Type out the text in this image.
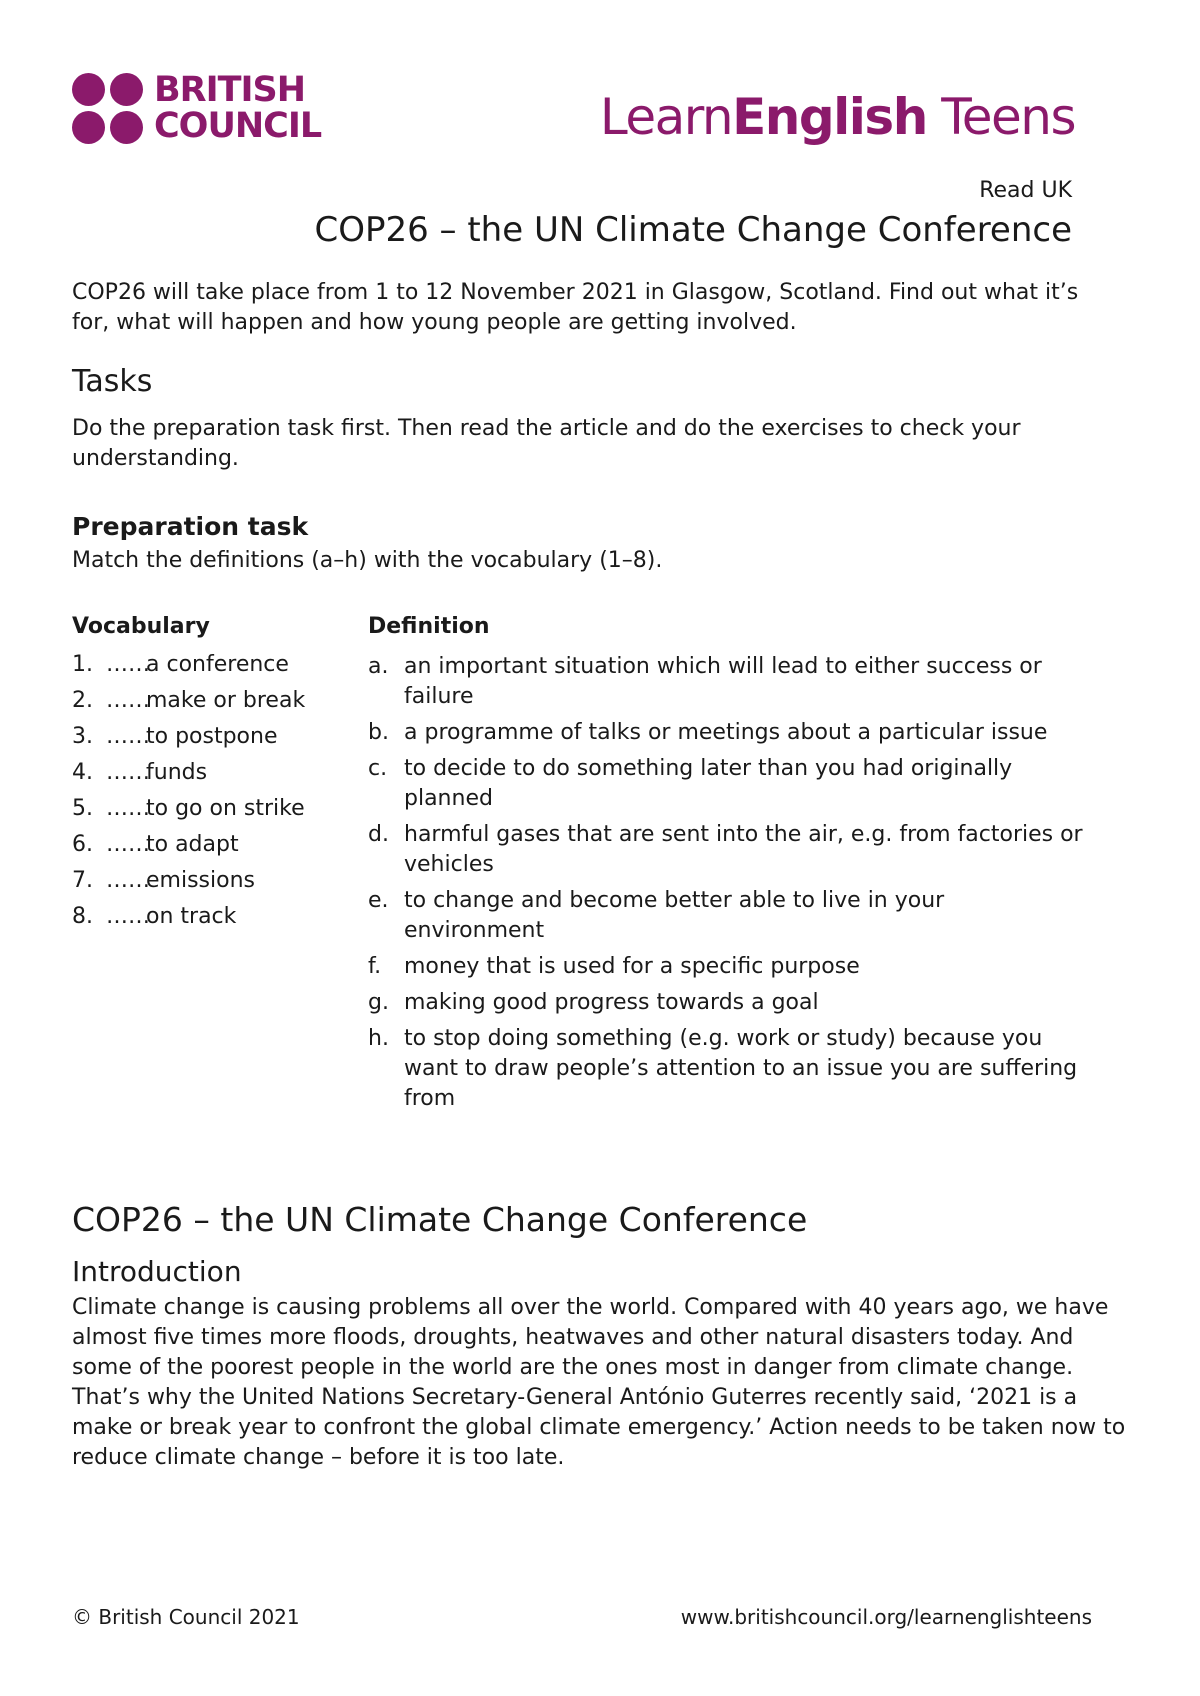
BRITISH
COUNCIL	LearnEnglish Teens
Read UK
COP26 – the UN Climate Change Conference
COP26 will take place from 1 to 12 November 2021 in Glasgow, Scotland. Find out what it’s for, what will happen and how young people are getting involved.
Tasks
Do the preparation task first. Then read the article and do the exercises to check your understanding.
Preparation task
Match the definitions (a–h) with the vocabulary (1–8).
Vocabulary	Definition
1. ……
a conference
2. ……
make or break
3. ……
to postpone
4. ……
funds
5. ……
to go on strike
6. ……
to adapt
7. ……
emissions
8. ……
on track
a. an important situation which will lead to either success or failure
b. a programme of talks or meetings about a particular issue
c. to decide to do something later than you had originally planned
d. harmful gases that are sent into the air, e.g. from factories or vehicles
e. to change and become better able to live in your environment
f.	money that is used for a specific purpose
g. making good progress towards a goal
h. to stop doing something (e.g. work or study) because you want to draw people’s attention to an issue you are suffering from
COP26 – the UN Climate Change Conference
Introduction
Climate change is causing problems all over the world. Compared with 40 years ago, we have almost five times more floods, droughts, heatwaves and other natural disasters today. And some of the poorest people in the world are the ones most in danger from climate change. That’s why the United Nations Secretary-General António Guterres recently said, ‘2021 is a make or break year to confront the global climate emergency.’ Action needs to be taken now to reduce climate change – before it is too late.
© British Council 2021	www.britishcouncil.org/learnenglishteens
